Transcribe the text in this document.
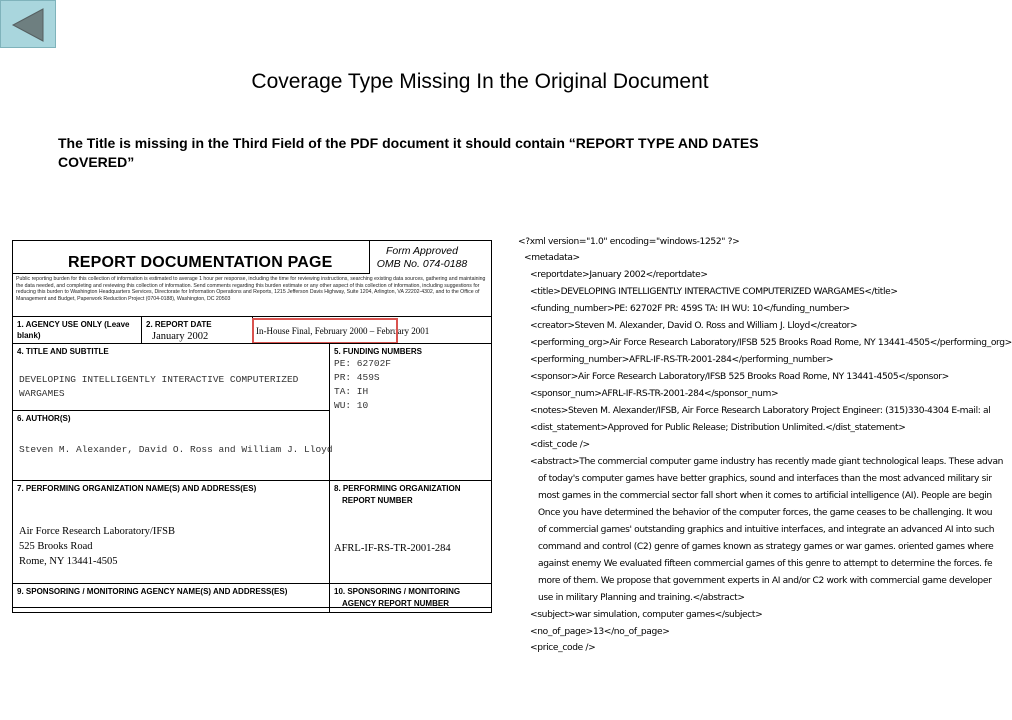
Coverage Type Missing In the Original Document
The Title is missing in the Third Field of the PDF document it should contain “REPORT TYPE AND DATES COVERED”
REPORT DOCUMENTATION PAGE
Form Approved
OMB No. 074-0188
Public reporting burden for this collection of information is estimated to average 1 hour per response, including the time for reviewing instructions, searching existing data sources, gathering and maintaining the data needed, and completing and reviewing this collection of information. Send comments regarding this burden estimate or any other aspect of this collection of information, including suggestions for reducing this burden to Washington Headquarters Services, Directorate for Information Operations and Reports, 1215 Jefferson Davis Highway, Suite 1204, Arlington, VA 22202-4302, and to the Office of Management and Budget, Paperwork Reduction Project (0704-0188), Washington, DC 20503
1. AGENCY USE ONLY (Leave
blank)
2. REPORT DATE
January 2002	In-House Final, February 2000 – February 2001
4. TITLE AND SUBTITLE
DEVELOPING INTELLIGENTLY INTERACTIVE COMPUTERIZED
WARGAMES
5. FUNDING NUMBERS
PE: 62702F
PR: 459S
TA: IH
WU: 10
6. AUTHOR(S)
Steven M. Alexander, David O. Ross and William J. Lloyd
7. PERFORMING ORGANIZATION NAME(S) AND ADDRESS(ES)
Air Force Research Laboratory/IFSB
525 Brooks Road
Rome, NY 13441-4505
8. PERFORMING ORGANIZATION
REPORT NUMBER
AFRL-IF-RS-TR-2001-284
9. SPONSORING / MONITORING AGENCY NAME(S) AND ADDRESS(ES)	10. SPONSORING / MONITORING
AGENCY REPORT NUMBER
<?xml version="1.0" encoding="windows-1252" ?>
<metadata>
<reportdate>January 2002</reportdate>
<title>DEVELOPING INTELLIGENTLY INTERACTIVE COMPUTERIZED WARGAMES</title>
<funding_number>PE: 62702F PR: 459S TA: IH WU: 10</funding_number>
<creator>Steven M. Alexander, David O. Ross and William J. Lloyd</creator>
<performing_org>Air Force Research Laboratory/IFSB 525 Brooks Road Rome, NY 13441-4505</performing_org>
<performing_number>AFRL-IF-RS-TR-2001-284</performing_number>
<sponsor>Air Force Research Laboratory/IFSB 525 Brooks Road Rome, NY 13441-4505</sponsor>
<sponsor_num>AFRL-IF-RS-TR-2001-284</sponsor_num>
<notes>Steven M. Alexander/IFSB, Air Force Research Laboratory Project Engineer: (315)330-4304 E-mail: al
<dist_statement>Approved for Public Release; Distribution Unlimited.</dist_statement>
<dist_code />
<abstract>The commercial computer game industry has recently made giant technological leaps. These advan
of today's computer games have better graphics, sound and interfaces than the most advanced military sir
most games in the commercial sector fall short when it comes to artificial intelligence (AI). People are begin
Once you have determined the behavior of the computer forces, the game ceases to be challenging. It wou
of commercial games' outstanding graphics and intuitive interfaces, and integrate an advanced AI into such
command and control (C2) genre of games known as strategy games or war games. oriented games where
against enemy We evaluated fifteen commercial games of this genre to attempt to determine the forces. fe
more of them. We propose that government experts in AI and/or C2 work with commercial game developer
use in military Planning and training.</abstract>
<subject>war simulation, computer games</subject>
<no_of_page>13</no_of_page>
<price_code />
